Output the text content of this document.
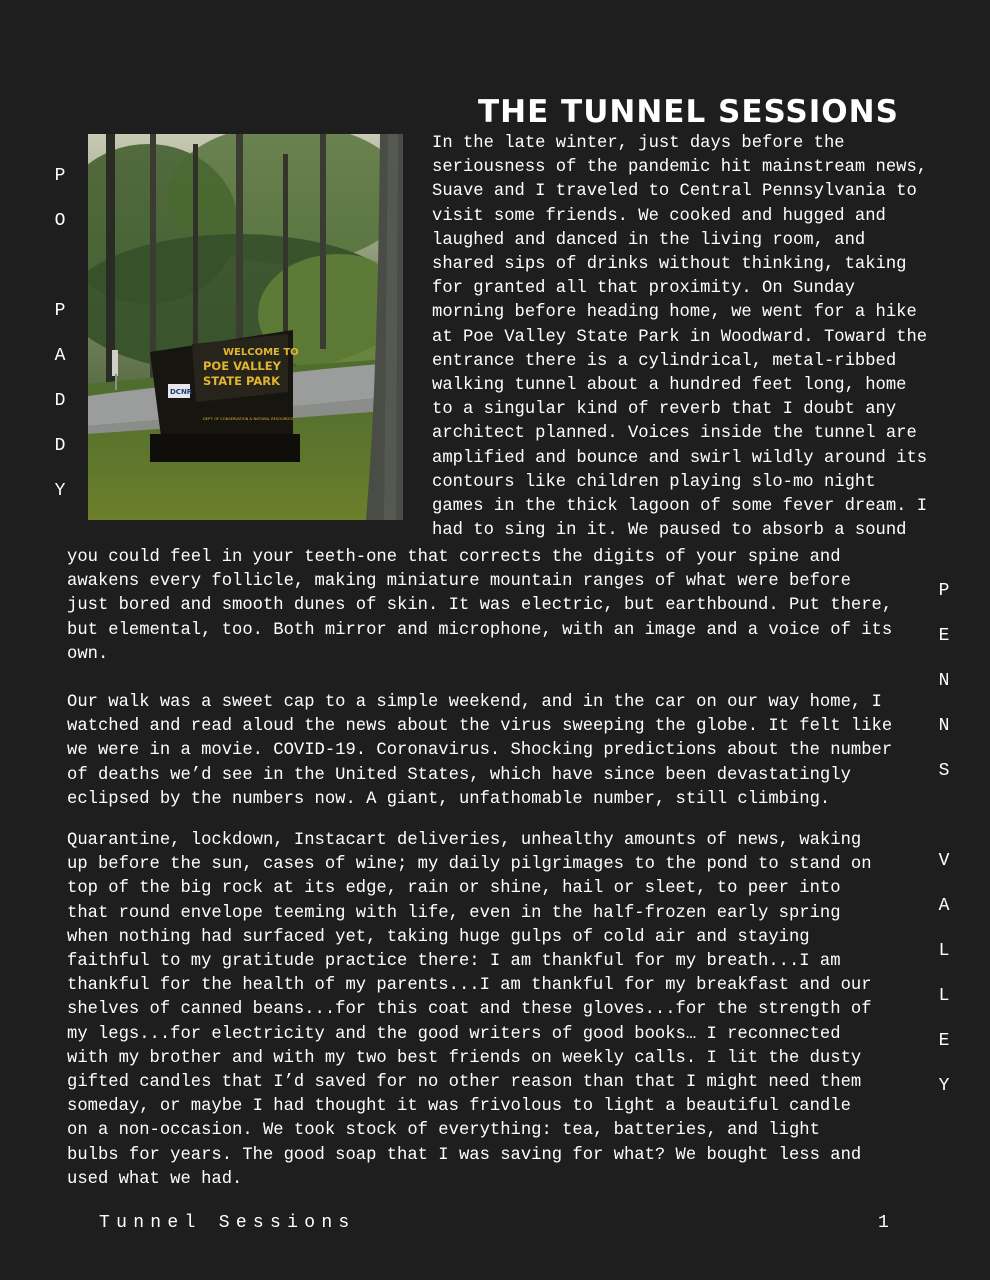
THE TUNNEL SESSIONS
P
O
P
A
D
D
Y
P
E
N
N
S
V
A
L
L
E
Y
WELCOME TO
POE VALLEY
STATE PARK
DCNR
DEPT. OF CONSERVATION & NATURAL RESOURCES

In the late winter, just days before the
seriousness of the pandemic hit mainstream news,
Suave and I traveled to Central Pennsylvania to
visit some friends. We cooked and hugged and
laughed and danced in the living room, and
shared sips of drinks without thinking, taking
for granted all that proximity. On Sunday
morning before heading home, we went for a hike
at Poe Valley State Park in Woodward. Toward the
entrance there is a cylindrical, metal-ribbed
walking tunnel about a hundred feet long, home
to a singular kind of reverb that I doubt any
architect planned. Voices inside the tunnel are
amplified and bounce and swirl wildly around its
contours like children playing slo-mo night
games in the thick lagoon of some fever dream. I
had to sing in it. We paused to absorb a sound

you could feel in your teeth-one that corrects the digits of your spine and
awakens every follicle, making miniature mountain ranges of what were before
just bored and smooth dunes of skin. It was electric, but earthbound. Put there,
but elemental, too. Both mirror and microphone, with an image and a voice of its
own.

Our walk was a sweet cap to a simple weekend, and in the car on our way home, I
watched and read aloud the news about the virus sweeping the globe. It felt like
we were in a movie. COVID-19. Coronavirus. Shocking predictions about the number
of deaths we’d see in the United States, which have since been devastatingly
eclipsed by the numbers now. A giant, unfathomable number, still climbing.

Quarantine, lockdown, Instacart deliveries, unhealthy amounts of news, waking
up before the sun, cases of wine; my daily pilgrimages to the pond to stand on
top of the big rock at its edge, rain or shine, hail or sleet, to peer into
that round envelope teeming with life, even in the half-frozen early spring
when nothing had surfaced yet, taking huge gulps of cold air and staying
faithful to my gratitude practice there: I am thankful for my breath...I am
thankful for the health of my parents...I am thankful for my breakfast and our
shelves of canned beans...for this coat and these gloves...for the strength of
my legs...for electricity and the good writers of good books… I reconnected
with my brother and with my two best friends on weekly calls. I lit the dusty
gifted candles that I’d saved for no other reason than that I might need them
someday, or maybe I had thought it was frivolous to light a beautiful candle
on a non-occasion. We took stock of everything: tea, batteries, and light
bulbs for years. The good soap that I was saving for what? We bought less and
used what we had.

Tunnel Sessions	1
